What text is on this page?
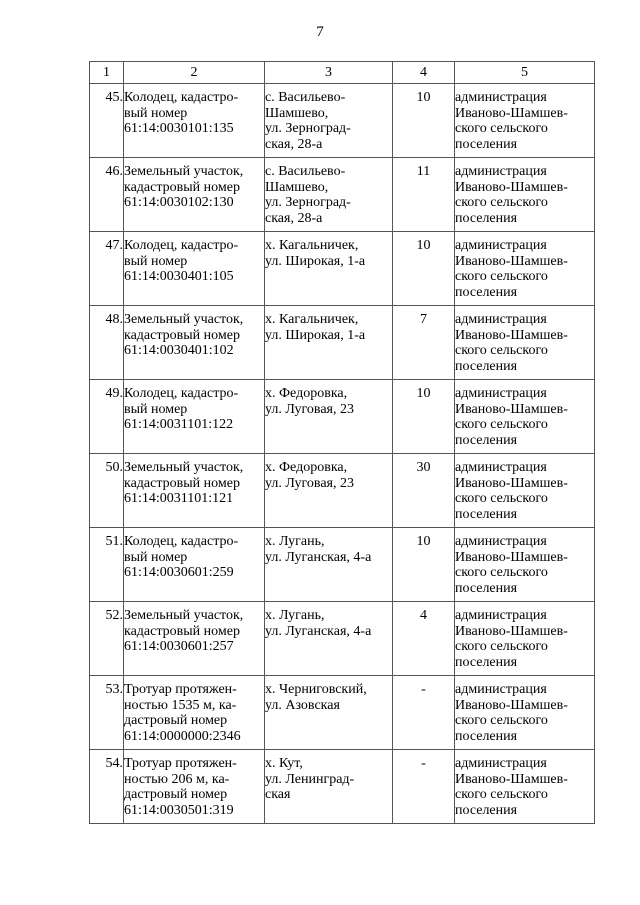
7
1	2	3	4	5
45.	Колодец, кадастро-
вый номер
61:14:0030101:135	с. Васильево-
Шамшево,
ул. Зерноград-
ская, 28-а	10	администрация
Иваново-Шамшев-
ского сельского
поселения

46.	Земельный участок,
кадастровый номер
61:14:0030102:130	с. Васильево-
Шамшево,
ул. Зерноград-
ская, 28-а	11	администрация
Иваново-Шамшев-
ского сельского
поселения

47.	Колодец, кадастро-
вый номер
61:14:0030401:105	х. Кагальничек,
ул. Широкая, 1-а	10	администрация
Иваново-Шамшев-
ского сельского
поселения

48.	Земельный участок,
кадастровый номер
61:14:0030401:102	х. Кагальничек,
ул. Широкая, 1-а	7	администрация
Иваново-Шамшев-
ского сельского
поселения

49.	Колодец, кадастро-
вый номер
61:14:0031101:122	х. Федоровка,
ул. Луговая, 23	10	администрация
Иваново-Шамшев-
ского сельского
поселения

50.	Земельный участок,
кадастровый номер
61:14:0031101:121	х. Федоровка,
ул. Луговая, 23	30	администрация
Иваново-Шамшев-
ского сельского
поселения

51.	Колодец, кадастро-
вый номер
61:14:0030601:259	х. Лугань,
ул. Луганская, 4-а	10	администрация
Иваново-Шамшев-
ского сельского
поселения

52.	Земельный участок,
кадастровый номер
61:14:0030601:257	х. Лугань,
ул. Луганская, 4-а	4	администрация
Иваново-Шамшев-
ского сельского
поселения

53.	Тротуар протяжен-
ностью 1535 м, ка-
дастровый номер
61:14:0000000:2346	х. Черниговский,
ул. Азовская	-	администрация
Иваново-Шамшев-
ского сельского
поселения

54.	Тротуар протяжен-
ностью 206 м, ка-
дастровый номер
61:14:0030501:319	х. Кут,
ул. Ленинград-
ская	-	администрация
Иваново-Шамшев-
ского сельского
поселения
